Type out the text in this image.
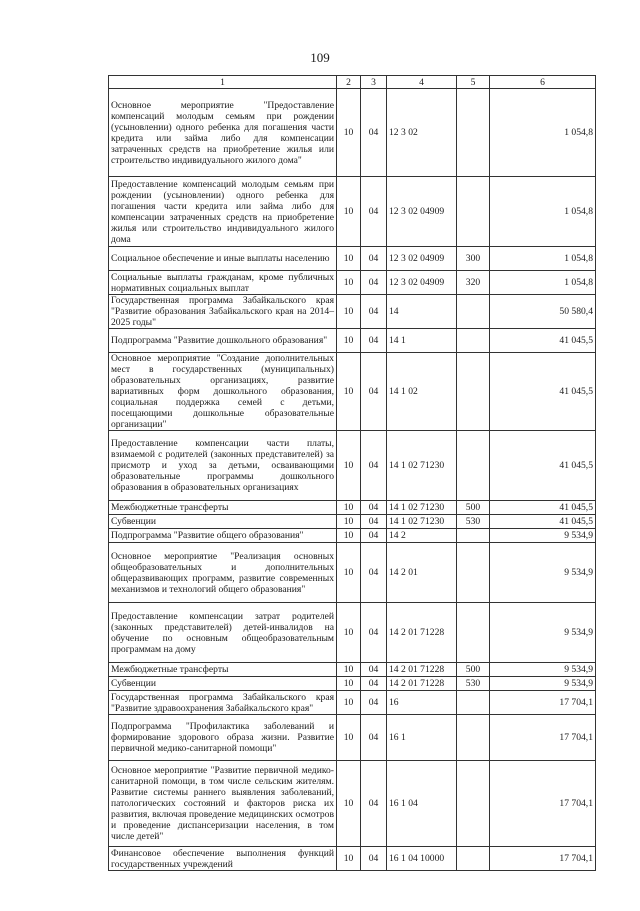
109
1	2	3	4	5	6
Основное мероприятие "Предоставление компенсаций молодым семьям при рождении (усыновлении) одного ребенка для погашения части кредита или займа либо для компенсации затраченных средств на приобретение жилья или строительство индивидуального жилого дома"	10	04	12 3 02		1 054,8
Предоставление компенсаций молодым семьям при рождении (усыновлении) одного ребенка для погашения части кредита или займа либо для компенсации затраченных средств на приобретение жилья или строительство индивидуального жилого дома	10	04	12 3 02 04909		1 054,8
Социальное обеспечение и иные выплаты населению	10	04	12 3 02 04909	300	1 054,8
Социальные выплаты гражданам, кроме публичных нормативных социальных выплат	10	04	12 3 02 04909	320	1 054,8
Государственная программа Забайкальского края "Развитие образования Забайкальского края на 2014–2025 годы"	10	04	14		50 580,4
Подпрограмма "Развитие дошкольного образования"	10	04	14 1		41 045,5
Основное мероприятие "Создание дополнительных мест в государственных (муниципальных) образовательных организациях, развитие вариативных форм дошкольного образования, социальная поддержка семей с детьми, посещающими дошкольные образовательные организации"	10	04	14 1 02		41 045,5
Предоставление компенсации части платы, взимаемой с родителей (законных представителей) за присмотр и уход за детьми, осваивающими образовательные программы дошкольного образования в образовательных организациях	10	04	14 1 02 71230		41 045,5
Межбюджетные трансферты	10	04	14 1 02 71230	500	41 045,5
Субвенции	10	04	14 1 02 71230	530	41 045,5
Подпрограмма "Развитие общего образования"	10	04	14 2		9 534,9
Основное мероприятие "Реализация основных общеобразовательных и дополнительных общеразвивающих программ, развитие современных механизмов и технологий общего образования"	10	04	14 2 01		9 534,9
Предоставление компенсации затрат родителей (законных представителей) детей-инвалидов на обучение по основным общеобразовательным программам на дому	10	04	14 2 01 71228		9 534,9
Межбюджетные трансферты	10	04	14 2 01 71228	500	9 534,9
Субвенции	10	04	14 2 01 71228	530	9 534,9
Государственная программа Забайкальского края "Развитие здравоохранения Забайкальского края"	10	04	16		17 704,1
Подпрограмма "Профилактика заболеваний и формирование здорового образа жизни. Развитие первичной медико-санитарной помощи"	10	04	16 1		17 704,1
Основное мероприятие "Развитие первичной медико-санитарной помощи, в том числе сельским жителям. Развитие системы раннего выявления заболеваний, патологических состояний и факторов риска их развития, включая проведение медицинских осмотров и проведение диспансеризации населения, в том числе детей"	10	04	16 1 04		17 704,1
Финансовое обеспечение выполнения функций государственных учреждений	10	04	16 1 04 10000		17 704,1
